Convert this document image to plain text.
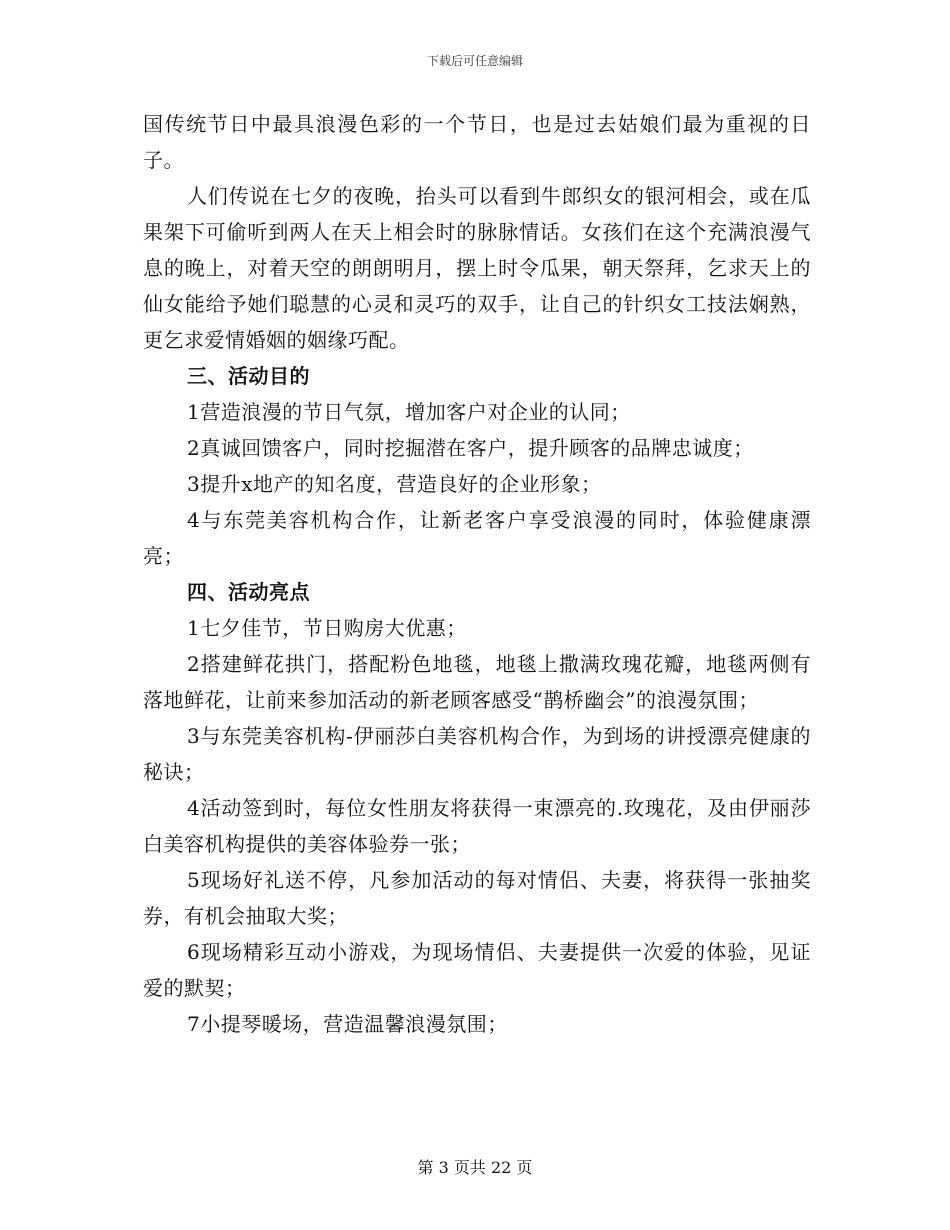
下载后可任意编辑

国传统节日中最具浪漫色彩的一个节日，也是过去姑娘们最为重视的日子。

人们传说在七夕的夜晚，抬头可以看到牛郎织女的银河相会，或在瓜果架下可偷听到两人在天上相会时的脉脉情话。女孩们在这个充满浪漫气息的晚上，对着天空的朗朗明月，摆上时令瓜果，朝天祭拜，乞求天上的仙女能给予她们聪慧的心灵和灵巧的双手，让自己的针织女工技法娴熟，更乞求爱情婚姻的姻缘巧配。

三、活动目的

1营造浪漫的节日气氛，增加客户对企业的认同；

2真诚回馈客户，同时挖掘潜在客户，提升顾客的品牌忠诚度；

3提升x地产的知名度，营造良好的企业形象；

4与东莞美容机构合作，让新老客户享受浪漫的同时，体验健康漂亮；

四、活动亮点

1七夕佳节，节日购房大优惠；

2搭建鲜花拱门，搭配粉色地毯，地毯上撒满玫瑰花瓣，地毯两侧有落地鲜花，让前来参加活动的新老顾客感受“鹊桥幽会”的浪漫氛围；

3与东莞美容机构-伊丽莎白美容机构合作，为到场的讲授漂亮健康的秘诀；

4活动签到时，每位女性朋友将获得一束漂亮的.玫瑰花，及由伊丽莎白美容机构提供的美容体验券一张；

5现场好礼送不停，凡参加活动的每对情侣、夫妻，将获得一张抽奖券，有机会抽取大奖；

6现场精彩互动小游戏，为现场情侣、夫妻提供一次爱的体验，见证爱的默契；

7小提琴暖场，营造温馨浪漫氛围；

第 3 页共 22 页
